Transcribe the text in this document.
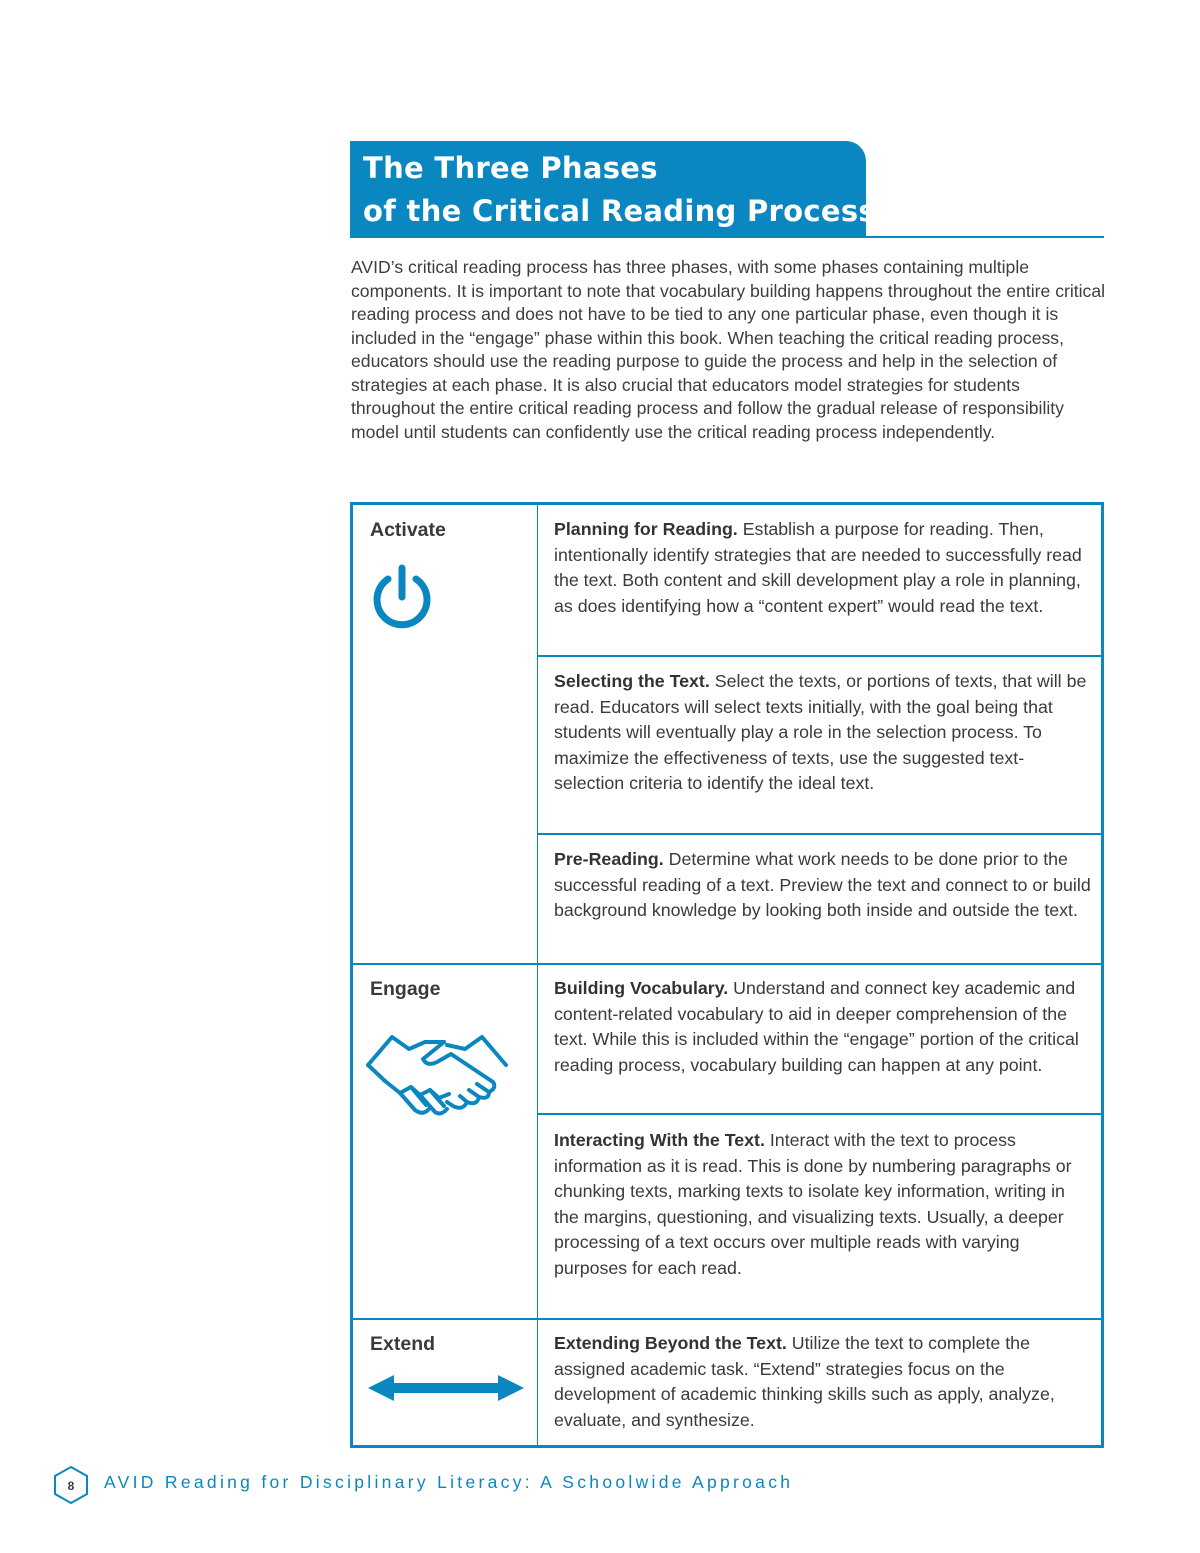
The Three Phases
of the Critical Reading Process

AVID’s critical reading process has three phases, with some phases containing multiple components. It is important to note that vocabulary building happens throughout the entire critical reading process and does not have to be tied to any one particular phase, even though it is included in the “engage” phase within this book. When teaching the critical reading process, educators should use the reading purpose to guide the process and help in the selection of strategies at each phase. It is also crucial that educators model strategies for students throughout the entire critical reading process and follow the gradual release of responsibility model until students can confidently use the critical reading process independently.

Activate	Planning for Reading. Establish a purpose for reading. Then, intentionally identify strategies that are needed to successfully read the text. Both content and skill development play a role in planning, as does identifying how a “content expert” would read the text.

Selecting the Text. Select the texts, or portions of texts, that will be read. Educators will select texts initially, with the goal being that students will eventually play a role in the selection process. To maximize the effectiveness of texts, use the suggested text-selection criteria to identify the ideal text.

Pre-Reading. Determine what work needs to be done prior to the successful reading of a text. Preview the text and connect to or build background knowledge by looking both inside and outside the text.

Engage	Building Vocabulary. Understand and connect key academic and content-related vocabulary to aid in deeper comprehension of the text. While this is included within the “engage” portion of the critical reading process, vocabulary building can happen at any point.

Interacting With the Text. Interact with the text to process information as it is read. This is done by numbering paragraphs or chunking texts, marking texts to isolate key information, writing in the margins, questioning, and visualizing texts. Usually, a deeper processing of a text occurs over multiple reads with varying purposes for each read.

Extend	Extending Beyond the Text. Utilize the text to complete the assigned academic task. “Extend” strategies focus on the development of academic thinking skills such as apply, analyze, evaluate, and synthesize.

8 AVID Reading for Disciplinary Literacy: A Schoolwide Approach
